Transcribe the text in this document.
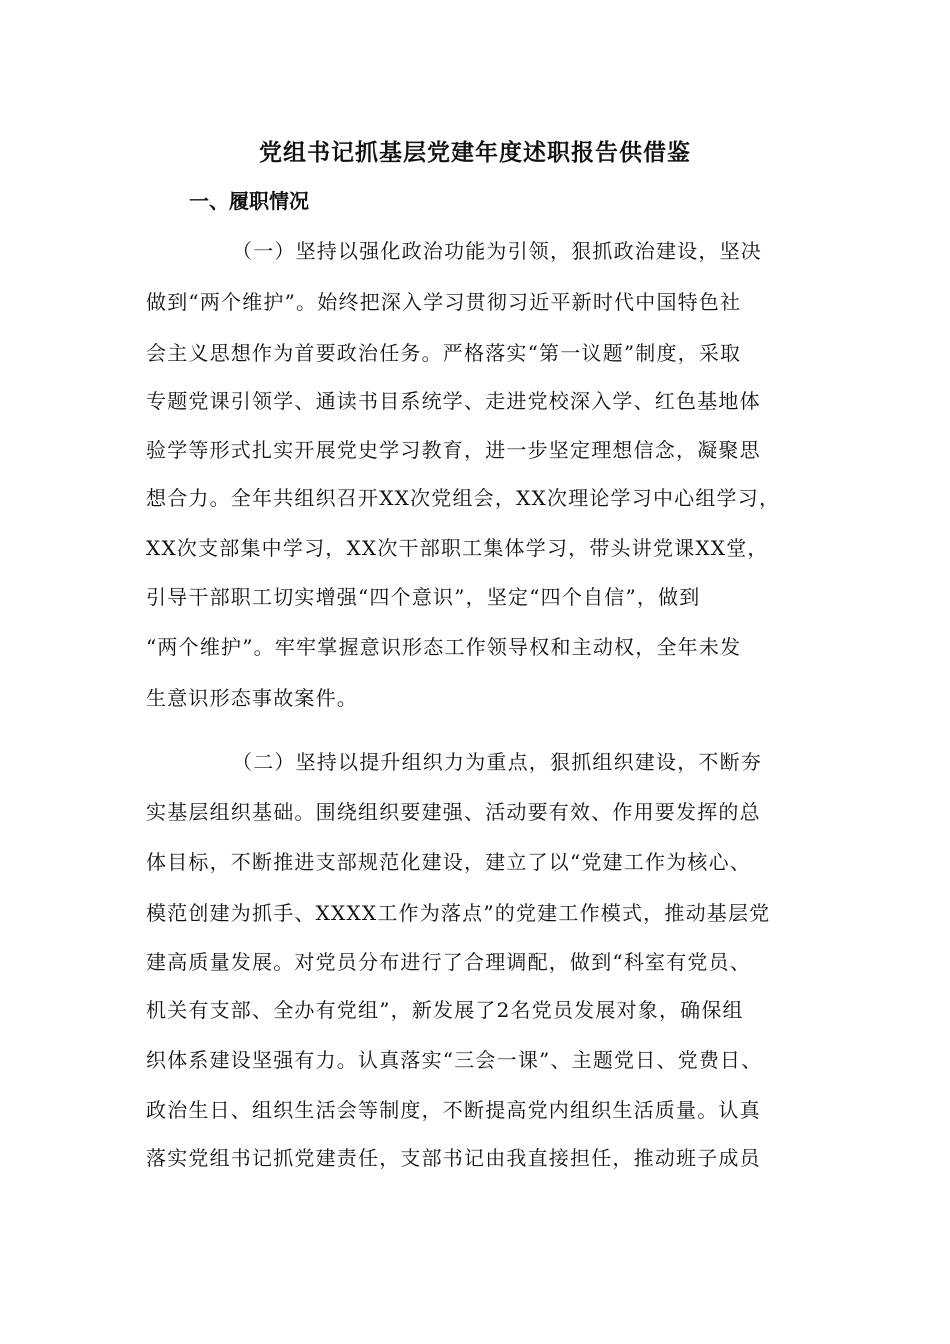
党组书记抓基层党建年度述职报告供借鉴
一、履职情况
（一）坚持以强化政治功能为引领，狠抓政治建设，坚决
做到“两个维护”。始终把深入学习贯彻习近平新时代中国特色社
会主义思想作为首要政治任务。严格落实“第一议题”制度，采取
专题党课引领学、通读书目系统学、走进党校深入学、红色基地体
验学等形式扎实开展党史学习教育，进一步坚定理想信念，凝聚思
想合力。全年共组织召开XX次党组会，XX次理论学习中心组学习，
XX次支部集中学习，XX次干部职工集体学习，带头讲党课XX堂，
引导干部职工切实增强“四个意识”，坚定“四个自信”，做到
“两个维护”。牢牢掌握意识形态工作领导权和主动权，全年未发
生意识形态事故案件。
（二）坚持以提升组织力为重点，狠抓组织建设，不断夯
实基层组织基础。围绕组织要建强、活动要有效、作用要发挥的总
体目标，不断推进支部规范化建设，建立了以“党建工作为核心、
模范创建为抓手、XXXX工作为落点”的党建工作模式，推动基层党
建高质量发展。对党员分布进行了合理调配，做到“科室有党员、
机关有支部、全办有党组”，新发展了2名党员发展对象，确保组
织体系建设坚强有力。认真落实“三会一课”、主题党日、党费日、
政治生日、组织生活会等制度，不断提高党内组织生活质量。认真
落实党组书记抓党建责任，支部书记由我直接担任，推动班子成员
